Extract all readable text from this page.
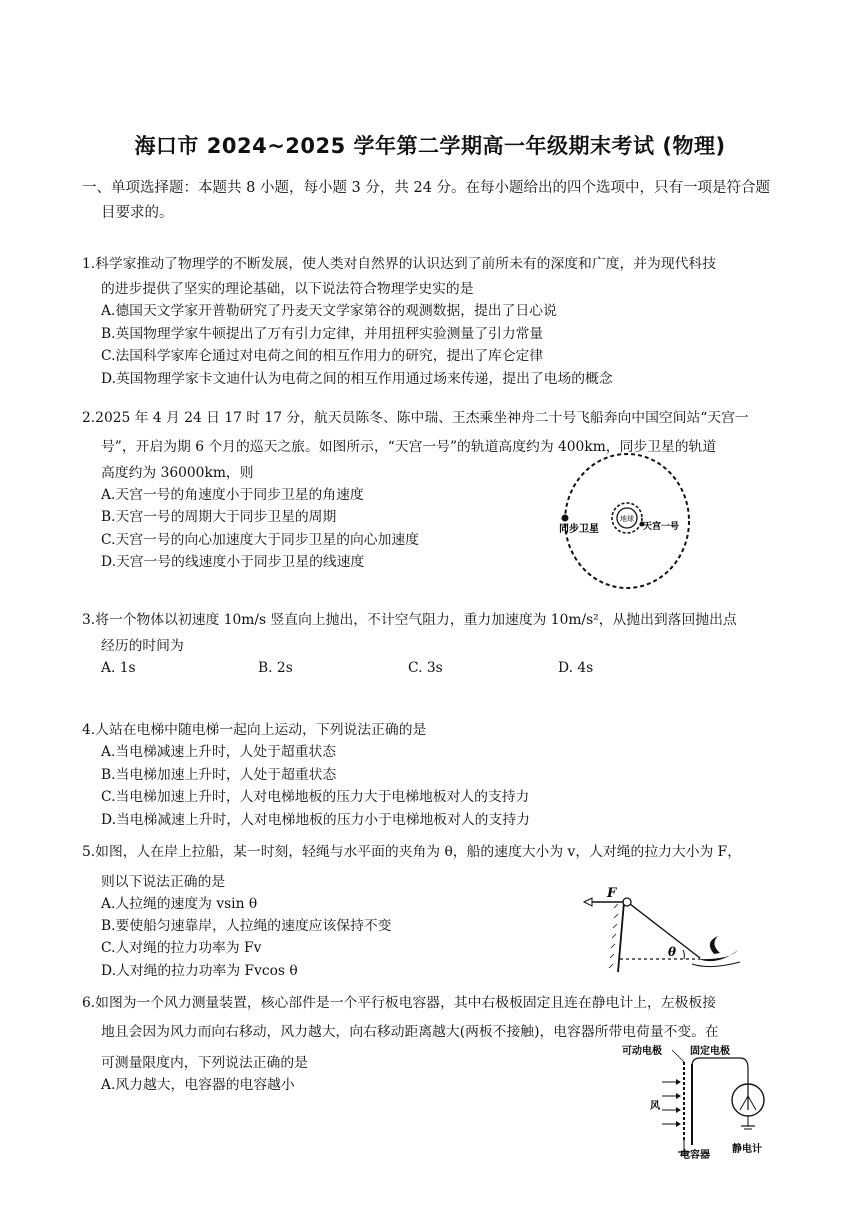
海口市 2024~2025 学年第二学期高一年级期末考试 (物理)
一、单项选择题：本题共 8 小题，每小题 3 分，共 24 分。在每小题给出的四个选项中，只有一项是符合题
目要求的。
1.科学家推动了物理学的不断发展，使人类对自然界的认识达到了前所未有的深度和广度，并为现代科技
的进步提供了坚实的理论基础，以下说法符合物理学史实的是
A.德国天文学家开普勒研究了丹麦天文学家第谷的观测数据，提出了日心说
B.英国物理学家牛顿提出了万有引力定律，并用扭秤实验测量了引力常量
C.法国科学家库仑通过对电荷之间的相互作用力的研究，提出了库仑定律
D.英国物理学家卡文迪什认为电荷之间的相互作用通过场来传递，提出了电场的概念
2.2025 年 4 月 24 日 17 时 17 分，航天员陈冬、陈中瑞、王杰乘坐神舟二十号飞船奔向中国空间站“天宫一
号”，开启为期 6 个月的巡天之旅。如图所示，“天宫一号”的轨道高度约为 400km，同步卫星的轨道
高度约为 36000km，则
A.天宫一号的角速度小于同步卫星的角速度
B.天宫一号的周期大于同步卫星的周期
C.天宫一号的向心加速度大于同步卫星的向心加速度
D.天宫一号的线速度小于同步卫星的线速度
地球
同步卫星	天宫一号
3.将一个物体以初速度 10m/s 竖直向上抛出，不计空气阻力，重力加速度为 10m/s²，从抛出到落回抛出点
经历的时间为
A. 1s	B. 2s	C. 3s	D. 4s
4.人站在电梯中随电梯一起向上运动，下列说法正确的是
A.当电梯减速上升时，人处于超重状态
B.当电梯加速上升时，人处于超重状态
C.当电梯加速上升时，人对电梯地板的压力大于电梯地板对人的支持力
D.当电梯减速上升时，人对电梯地板的压力小于电梯地板对人的支持力
5.如图，人在岸上拉船，某一时刻，轻绳与水平面的夹角为 θ，船的速度大小为 v，人对绳的拉力大小为 F，
则以下说法正确的是
A.人拉绳的速度为 vsin θ
B.要使船匀速靠岸，人拉绳的速度应该保持不变
C.人对绳的拉力功率为 Fv
D.人对绳的拉力功率为 Fvcos θ
F
θ
6.如图为一个风力测量装置，核心部件是一个平行板电容器，其中右极板固定且连在静电计上，左极板接
地且会因为风力而向右移动，风力越大，向右移动距离越大(两板不接触)，电容器所带电荷量不变。在
可测量限度内，下列说法正确的是
A.风力越大，电容器的电容越小
可动电极	固定电极
风
电容器
静电计
